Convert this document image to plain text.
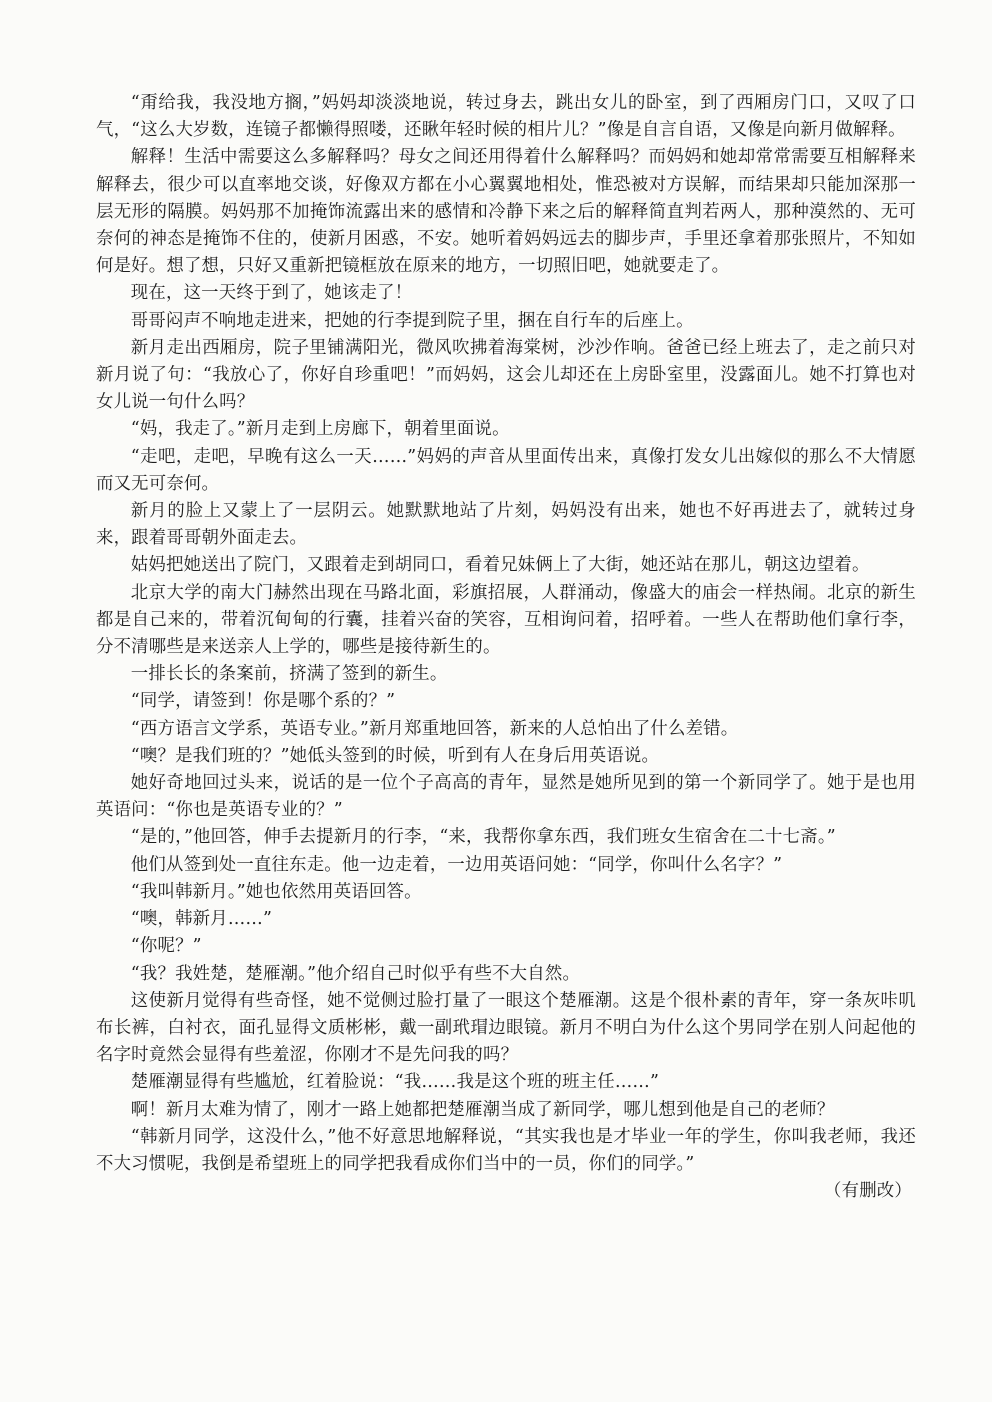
“甭给我，我没地方搁，”妈妈却淡淡地说，转过身去，跳出女儿的卧室，到了西厢房门口，又叹了口气，“这么大岁数，连镜子都懒得照喽，还瞅年轻时候的相片儿？”像是自言自语，又像是向新月做解释。

解释！生活中需要这么多解释吗？母女之间还用得着什么解释吗？而妈妈和她却常常需要互相解释来解释去，很少可以直率地交谈，好像双方都在小心翼翼地相处，惟恐被对方误解，而结果却只能加深那一层无形的隔膜。妈妈那不加掩饰流露出来的感情和冷静下来之后的解释简直判若两人，那种漠然的、无可奈何的神态是掩饰不住的，使新月困惑，不安。她听着妈妈远去的脚步声，手里还拿着那张照片，不知如何是好。想了想，只好又重新把镜框放在原来的地方，一切照旧吧，她就要走了。

现在，这一天终于到了，她该走了！

哥哥闷声不响地走进来，把她的行李提到院子里，捆在自行车的后座上。

新月走出西厢房，院子里铺满阳光，微风吹拂着海棠树，沙沙作响。爸爸已经上班去了，走之前只对新月说了句：“我放心了，你好自珍重吧！”而妈妈，这会儿却还在上房卧室里，没露面儿。她不打算也对女儿说一句什么吗？

“妈，我走了。”新月走到上房廊下，朝着里面说。

“走吧，走吧，早晚有这么一天……”妈妈的声音从里面传出来，真像打发女儿出嫁似的那么不大情愿而又无可奈何。

新月的脸上又蒙上了一层阴云。她默默地站了片刻，妈妈没有出来，她也不好再进去了，就转过身来，跟着哥哥朝外面走去。

姑妈把她送出了院门，又跟着走到胡同口，看着兄妹俩上了大街，她还站在那儿，朝这边望着。

北京大学的南大门赫然出现在马路北面，彩旗招展，人群涌动，像盛大的庙会一样热闹。北京的新生都是自己来的，带着沉甸甸的行囊，挂着兴奋的笑容，互相询问着，招呼着。一些人在帮助他们拿行李，分不清哪些是来送亲人上学的，哪些是接待新生的。

一排长长的条案前，挤满了签到的新生。

“同学，请签到！你是哪个系的？”

“西方语言文学系，英语专业。”新月郑重地回答，新来的人总怕出了什么差错。

“噢？是我们班的？”她低头签到的时候，听到有人在身后用英语说。

她好奇地回过头来，说话的是一位个子高高的青年，显然是她所见到的第一个新同学了。她于是也用英语问：“你也是英语专业的？”

“是的，”他回答，伸手去提新月的行李，“来，我帮你拿东西，我们班女生宿舍在二十七斋。”

他们从签到处一直往东走。他一边走着，一边用英语问她：“同学，你叫什么名字？”

“我叫韩新月。”她也依然用英语回答。

“噢，韩新月……”

“你呢？”

“我？我姓楚，楚雁潮。”他介绍自己时似乎有些不大自然。

这使新月觉得有些奇怪，她不觉侧过脸打量了一眼这个楚雁潮。这是个很朴素的青年，穿一条灰咔叽布长裤，白衬衣，面孔显得文质彬彬，戴一副玳瑁边眼镜。新月不明白为什么这个男同学在别人问起他的名字时竟然会显得有些羞涩，你刚才不是先问我的吗？

楚雁潮显得有些尴尬，红着脸说：“我……我是这个班的班主任……”

啊！新月太难为情了，刚才一路上她都把楚雁潮当成了新同学，哪儿想到他是自己的老师？

“韩新月同学，这没什么，”他不好意思地解释说，“其实我也是才毕业一年的学生，你叫我老师，我还不大习惯呢，我倒是希望班上的同学把我看成你们当中的一员，你们的同学。”

（有删改）
